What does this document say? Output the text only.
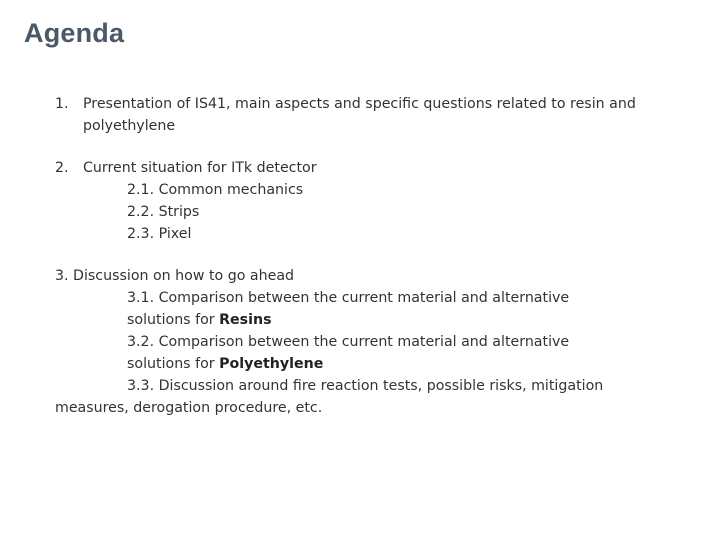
Agenda
1.	Presentation of IS41, main aspects and specific questions related to resin and polyethylene
2.	Current situation for ITk detector
2.1. Common mechanics
2.2. Strips
2.3. Pixel
3. Discussion on how to go ahead
3.1. Comparison between the current material and alternative
solutions for Resins
3.2. Comparison between the current material and alternative
solutions for Polyethylene
3.3. Discussion around fire reaction tests, possible risks, mitigation
measures, derogation procedure, etc.
